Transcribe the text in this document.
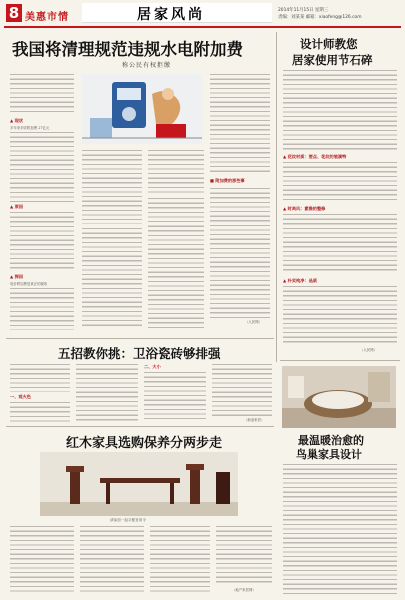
8 美惠市情	居家风尚	2014年11月15日 星期三
责编：刘某某 邮箱：xiaofeng@126.com
我国将清理规范违规水电附加费
称公民有权拒缴
▲ 现状
多年来多收附加费 27亿元
▲ 原因
▲ 探因
电价附加费是真正的税收
■ 附加费的那些事
（人民网）
设计师教您
居家使用节石碎
▲ 花纹材质：要点、花纹的装潢特
▲ 时尚风：素雅的整修
▲ 朴实纯净：品质
（人民网）
五招教你挑：卫浴瓷砖够排强
一、观火色
二、大小
（新浪家居）
红木家具选购保养分两步走
请参加一起买便宜用今
（地产家居网）
最温暖治愈的
鸟巢家具设计
